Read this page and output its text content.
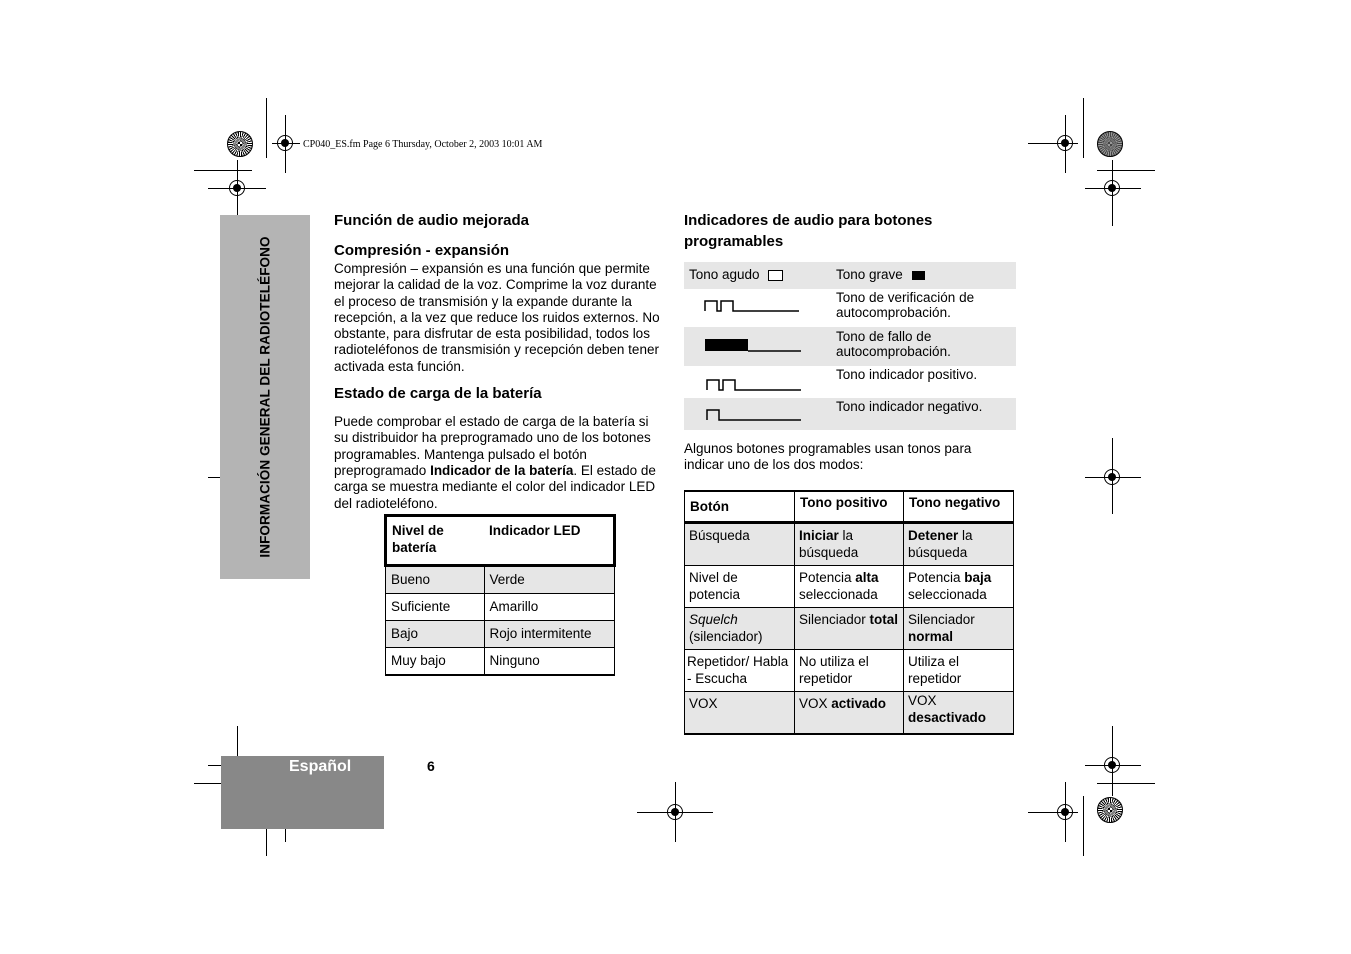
CP040_ES.fm Page 6 Thursday, October 2, 2003 10:01 AM
INFORMACIÓN GENERAL DEL RADIOTELÉFONO

Función de audio mejorada

Compresión - expansión

Compresión – expansión es una función que permite mejorar la calidad de la voz. Comprime la voz durante el proceso de transmisión y la expande durante la recepción, a la vez que reduce los ruidos externos. No obstante, para disfrutar de esta posibilidad, todos los radioteléfonos de transmisión y recepción deben tener activada esta función.

Estado de carga de la batería

Puede comprobar el estado de carga de la batería si su distribuidor ha preprogramado uno de los botones programables. Mantenga pulsado el botón preprogramado Indicador de la batería. El estado de carga se muestra mediante el color del indicador LED del radioteléfono.

Nivel de batería	Indicador LED
Bueno	Verde
Suficiente	Amarillo
Bajo	Rojo intermitente
Muy bajo	Ninguno

Indicadores de audio para botones programables

Tono agudo	Tono grave
Tono de verificación de autocomprobación.
Tono de fallo de autocomprobación.
Tono indicador positivo.
Tono indicador negativo.

Algunos botones programables usan tonos para indicar uno de los dos modos:

Botón	Tono positivo	Tono negativo
Búsqueda	Iniciar la búsqueda	Detener la búsqueda
Nivel de potencia	Potencia alta seleccionada	Potencia baja seleccionada
Squelch
(silenciador)	Silenciador total	Silenciador normal
Repetidor/ Habla - Escucha	No utiliza el repetidor	Utiliza el repetidor
VOX	VOX activado	VOX
desactivado
Español	6
